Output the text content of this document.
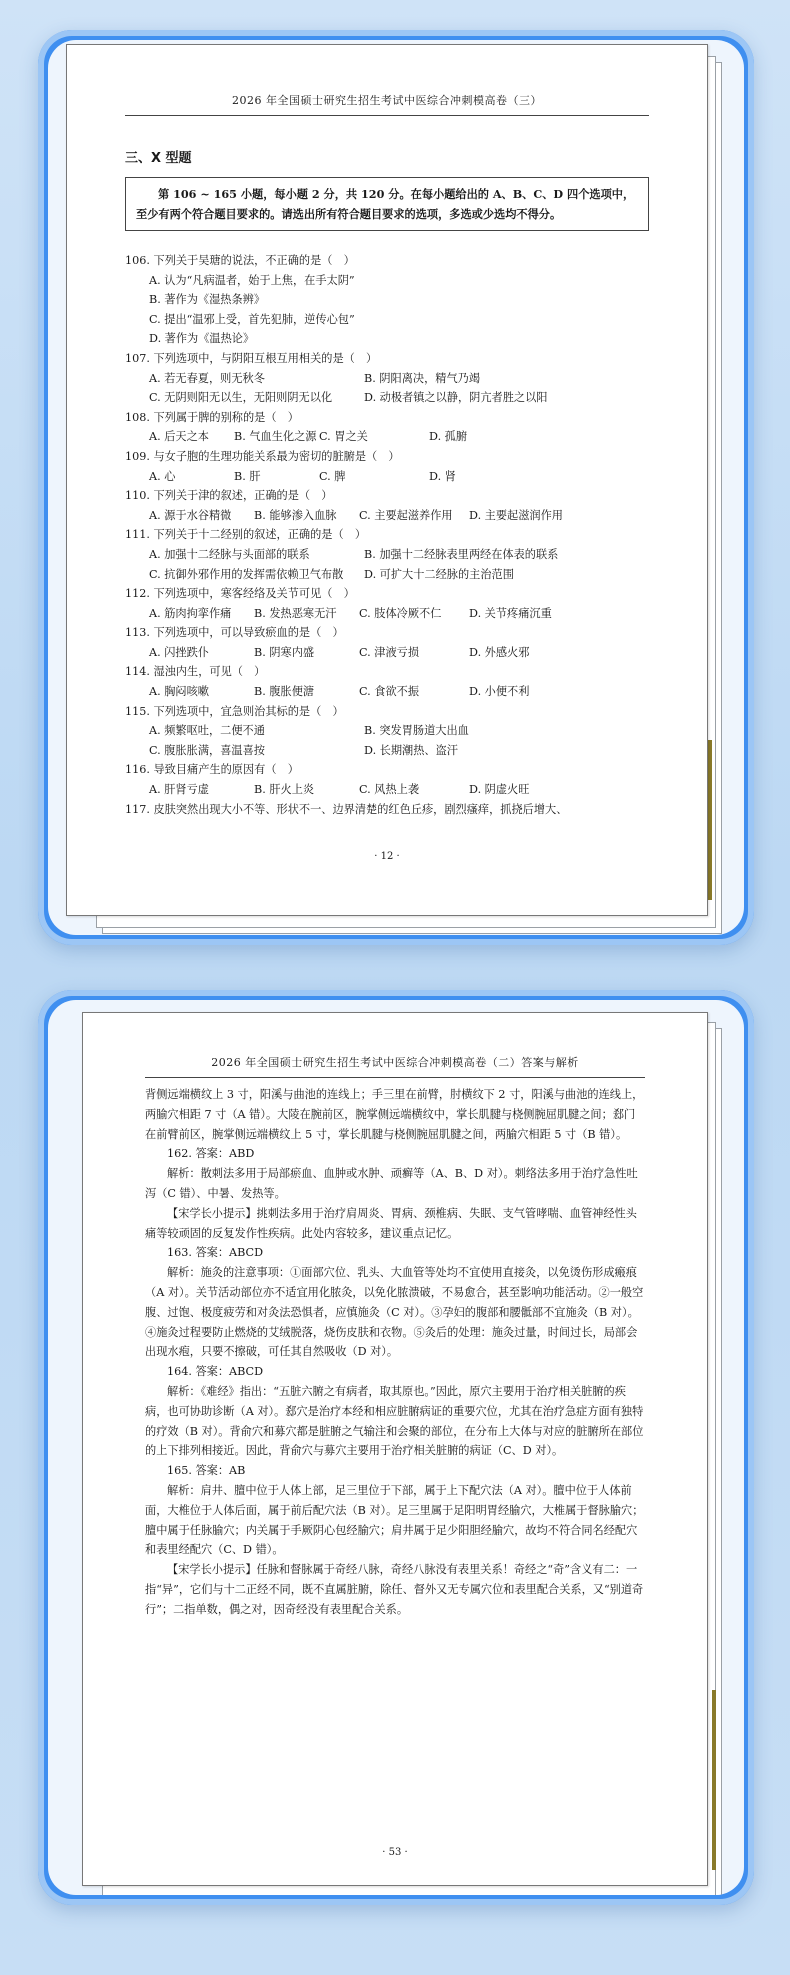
2026 年全国硕士研究生招生考试中医综合冲刺模高卷（三）
三、X 型题
第 106 ~ 165 小题，每小题 2 分，共 120 分。在每小题给出的 A、B、C、D 四个选项中，至少有两个符合题目要求的。请选出所有符合题目要求的选项，多选或少选均不得分。

106. 下列关于吴瑭的说法，不正确的是（　）

A. 认为“凡病温者，始于上焦，在手太阴”
B. 著作为《湿热条辨》
C. 提出“温邪上受，首先犯肺，逆传心包”
D. 著作为《温热论》

107. 下列选项中，与阴阳互根互用相关的是（　）

A. 若无春夏，则无秋冬	B. 阴阳离决，精气乃竭
C. 无阴则阳无以生，无阳则阴无以化	D. 动极者镇之以静，阴亢者胜之以阳

108. 下列属于脾的别称的是（　）

A. 后天之本	B. 气血生化之源 C. 胃之关	D. 孤腑

109. 与女子胞的生理功能关系最为密切的脏腑是（　）

A. 心	B. 肝	C. 脾	D. 肾

110. 下列关于津的叙述，正确的是（　）

A. 源于水谷精微	B. 能够渗入血脉	C. 主要起滋养作用	D. 主要起滋润作用

111. 下列关于十二经别的叙述，正确的是（　）

A. 加强十二经脉与头面部的联系	B. 加强十二经脉表里两经在体表的联系
C. 抗御外邪作用的发挥需依赖卫气布散	D. 可扩大十二经脉的主治范围

112. 下列选项中，寒客经络及关节可见（　）

A. 筋肉拘挛作痛	B. 发热恶寒无汗	C. 肢体冷厥不仁	D. 关节疼痛沉重

113. 下列选项中，可以导致瘀血的是（　）

A. 闪挫跌仆	B. 阴寒内盛	C. 津液亏损	D. 外感火邪

114. 湿浊内生，可见（　）

A. 胸闷咳嗽	B. 腹胀便溏	C. 食欲不振	D. 小便不利

115. 下列选项中，宜急则治其标的是（　）

A. 频繁呕吐，二便不通	B. 突发胃肠道大出血
C. 腹胀胀满，喜温喜按	D. 长期潮热、盗汗

116. 导致目痛产生的原因有（　）

A. 肝肾亏虚	B. 肝火上炎	C. 风热上袭	D. 阴虚火旺

117. 皮肤突然出现大小不等、形状不一、边界清楚的红色丘疹，剧烈瘙痒，抓挠后增大、

· 12 ·
2026 年全国硕士研究生招生考试中医综合冲刺模高卷（二）答案与解析

背侧远端横纹上 3 寸，阳溪与曲池的连线上；手三里在前臂，肘横纹下 2 寸，阳溪与曲池的连线上，两腧穴相距 7 寸（A 错）。大陵在腕前区，腕掌侧远端横纹中，掌长肌腱与桡侧腕屈肌腱之间；郄门在前臂前区，腕掌侧远端横纹上 5 寸，掌长肌腱与桡侧腕屈肌腱之间，两腧穴相距 5 寸（B 错）。

162. 答案：ABD

解析：散刺法多用于局部瘀血、血肿或水肿、顽癣等（A、B、D 对）。刺络法多用于治疗急性吐泻（C 错）、中暑、发热等。

【宋学长小提示】挑刺法多用于治疗肩周炎、胃病、颈椎病、失眠、支气管哮喘、血管神经性头痛等较顽固的反复发作性疾病。此处内容较多，建议重点记忆。

163. 答案：ABCD

解析：施灸的注意事项：①面部穴位、乳头、大血管等处均不宜使用直接灸，以免烫伤形成瘢痕（A 对）。关节活动部位亦不适宜用化脓灸，以免化脓溃破，不易愈合，甚至影响功能活动。②一般空腹、过饱、极度疲劳和对灸法恐惧者，应慎施灸（C 对）。③孕妇的腹部和腰骶部不宜施灸（B 对）。④施灸过程要防止燃烧的艾绒脱落，烧伤皮肤和衣物。⑤灸后的处理：施灸过量，时间过长，局部会出现水疱，只要不擦破，可任其自然吸收（D 对）。

164. 答案：ABCD

解析：《难经》指出：“五脏六腑之有病者，取其原也。”因此，原穴主要用于治疗相关脏腑的疾病，也可协助诊断（A 对）。郄穴是治疗本经和相应脏腑病证的重要穴位，尤其在治疗急症方面有独特的疗效（B 对）。背俞穴和募穴都是脏腑之气输注和会聚的部位，在分布上大体与对应的脏腑所在部位的上下排列相接近。因此，背俞穴与募穴主要用于治疗相关脏腑的病证（C、D 对）。

165. 答案：AB

解析：肩井、膻中位于人体上部，足三里位于下部，属于上下配穴法（A 对）。膻中位于人体前面，大椎位于人体后面，属于前后配穴法（B 对）。足三里属于足阳明胃经腧穴，大椎属于督脉腧穴；膻中属于任脉腧穴；内关属于手厥阴心包经腧穴；肩井属于足少阳胆经腧穴，故均不符合同名经配穴和表里经配穴（C、D 错）。

【宋学长小提示】任脉和督脉属于奇经八脉，奇经八脉没有表里关系！奇经之“奇”含义有二：一指“异”，它们与十二正经不同，既不直属脏腑，除任、督外又无专属穴位和表里配合关系，又“别道奇行”；二指单数，偶之对，因奇经没有表里配合关系。

· 53 ·
